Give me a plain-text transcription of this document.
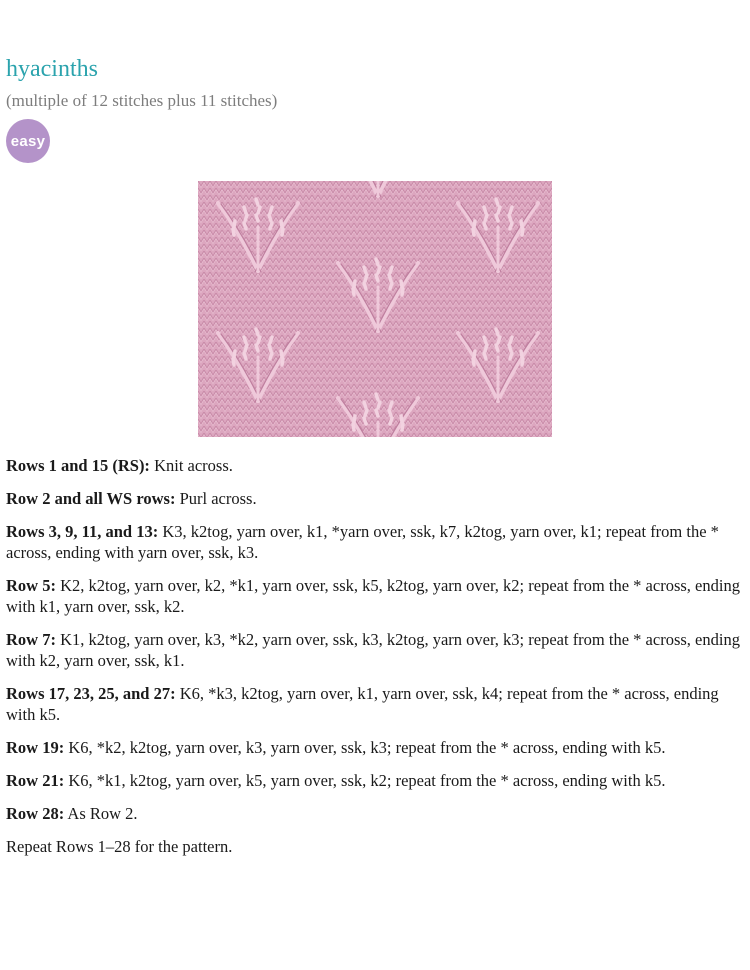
hyacinths

(multiple of 12 stitches plus 11 stitches)

easy

Rows 1 and 15 (RS): Knit across.

Row 2 and all WS rows: Purl across.

Rows 3, 9, 11, and 13: K3, k2tog, yarn over, k1, *yarn over, ssk, k7, k2tog, yarn over, k1; repeat from the * across, ending with yarn over, ssk, k3.

Row 5: K2, k2tog, yarn over, k2, *k1, yarn over, ssk, k5, k2tog, yarn over, k2; repeat from the * across, ending with k1, yarn over, ssk, k2.

Row 7: K1, k2tog, yarn over, k3, *k2, yarn over, ssk, k3, k2tog, yarn over, k3; repeat from the * across, ending with k2, yarn over, ssk, k1.

Rows 17, 23, 25, and 27: K6, *k3, k2tog, yarn over, k1, yarn over, ssk, k4; repeat from the * across, ending with k5.

Row 19: K6, *k2, k2tog, yarn over, k3, yarn over, ssk, k3; repeat from the * across, ending with k5.

Row 21: K6, *k1, k2tog, yarn over, k5, yarn over, ssk, k2; repeat from the * across, ending with k5.

Row 28: As Row 2.

Repeat Rows 1–28 for the pattern.
